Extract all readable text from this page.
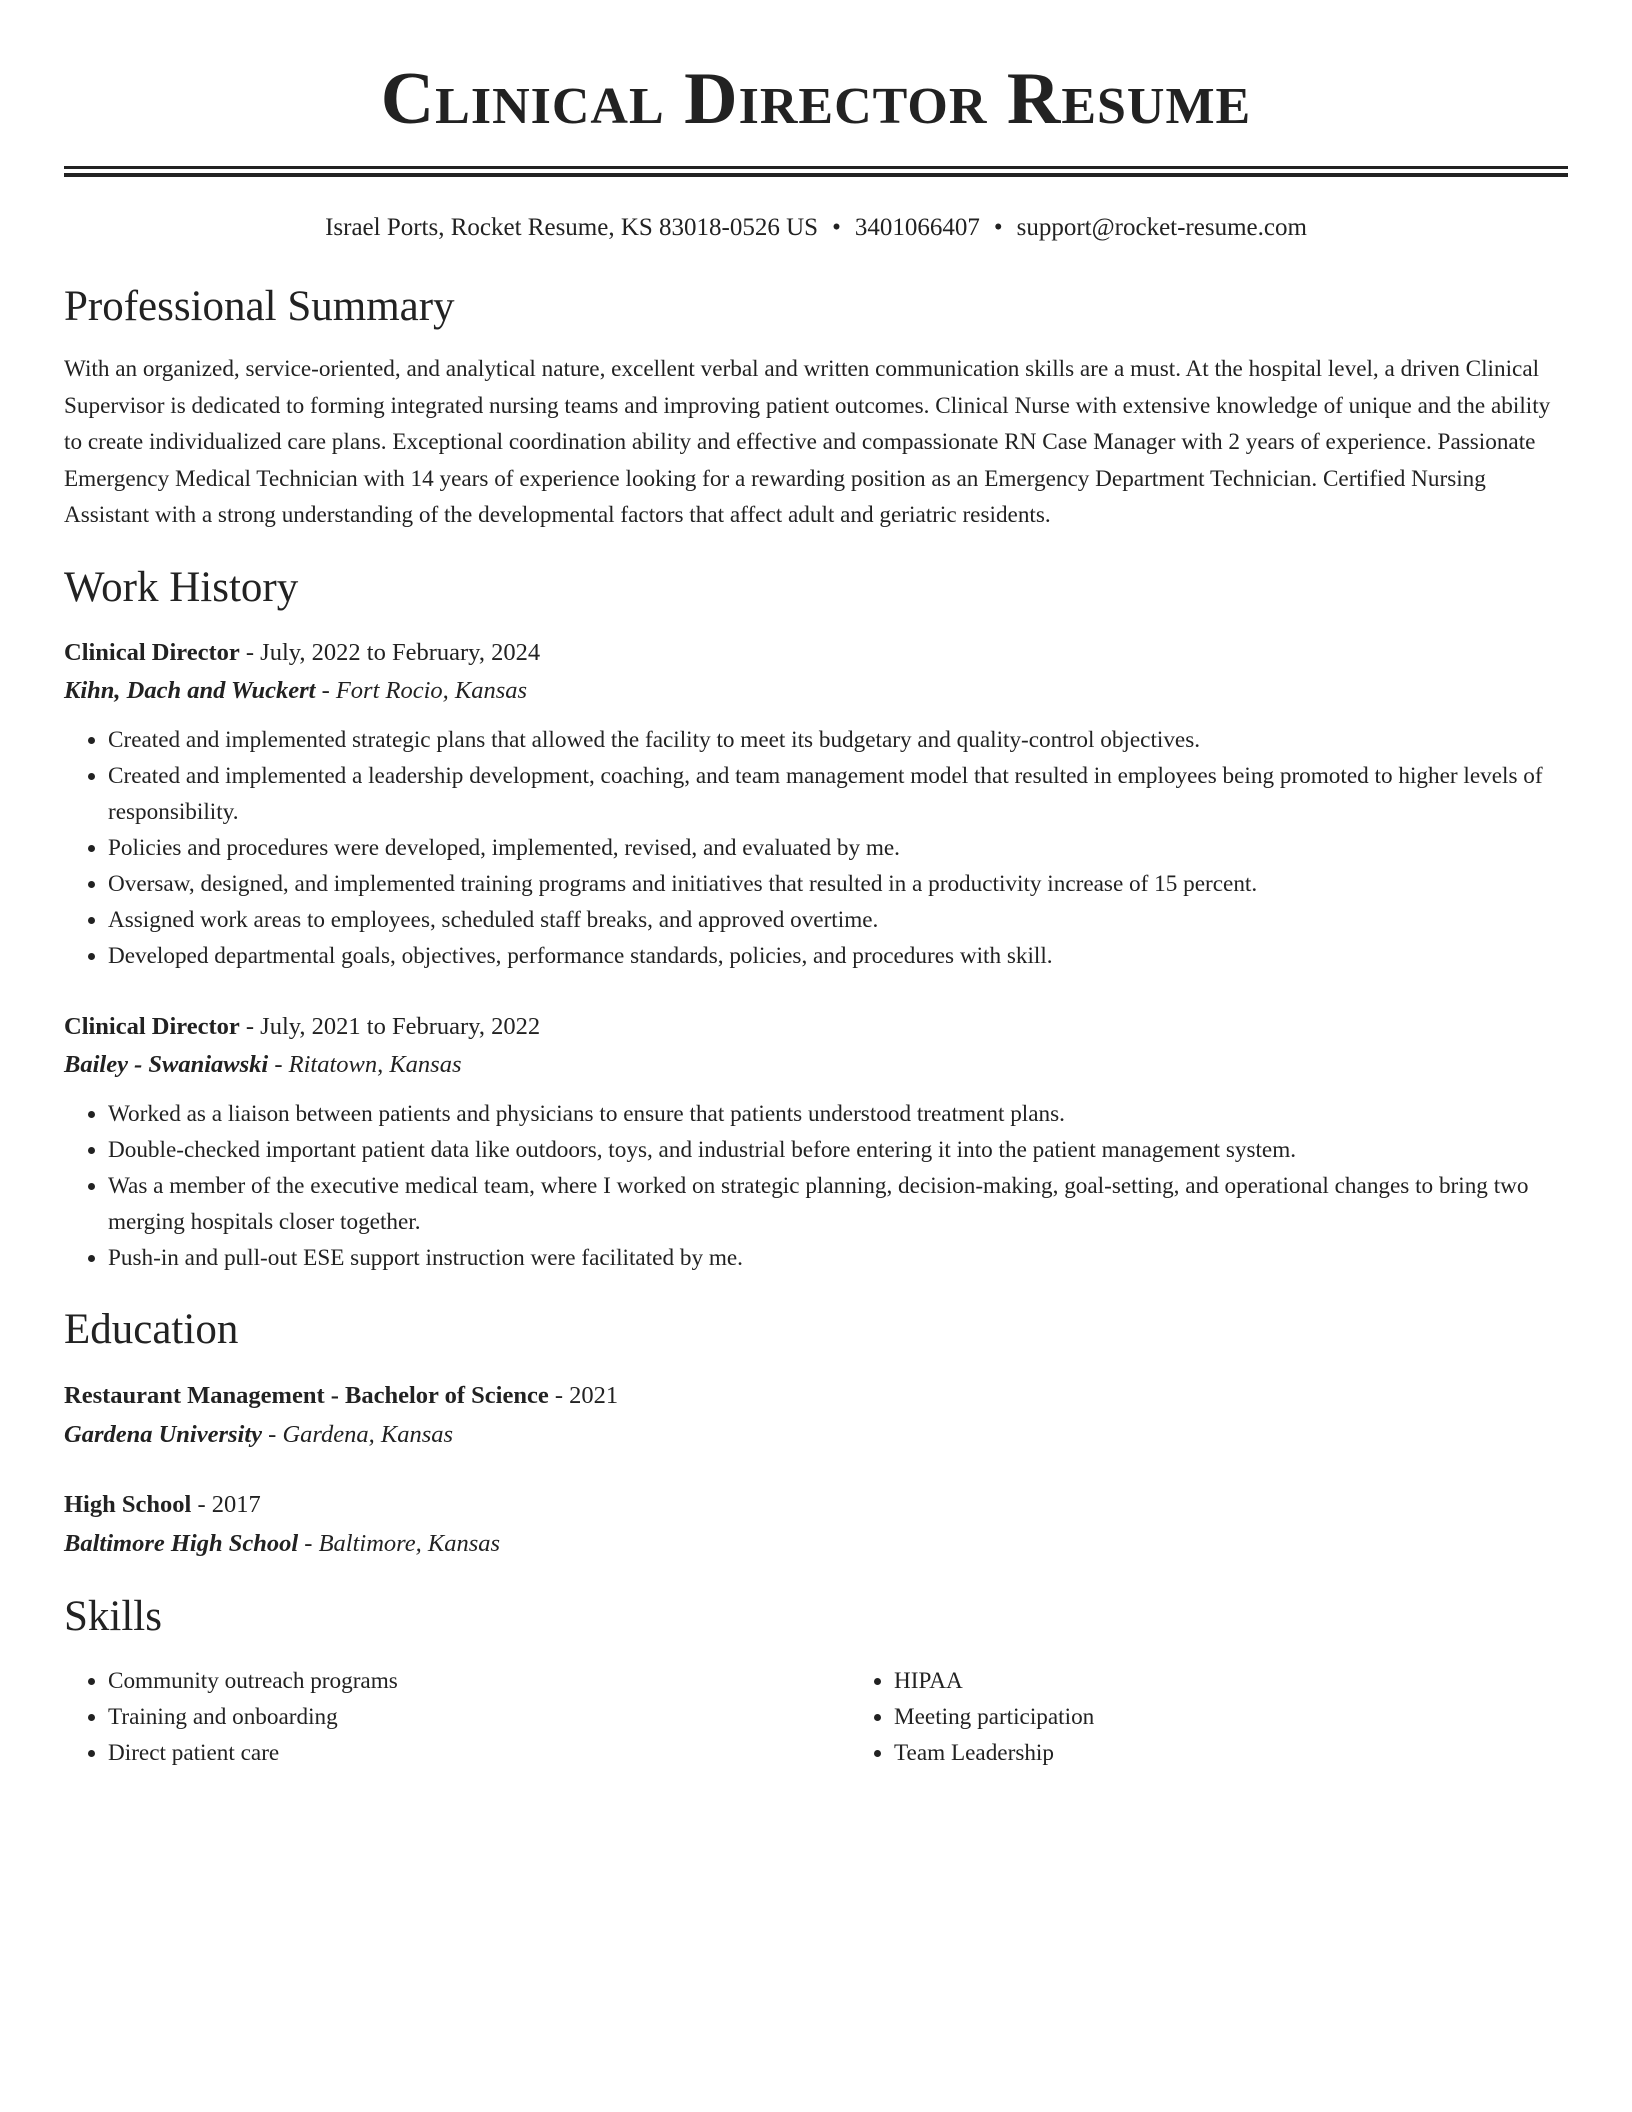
Clinical Director Resume
Israel Ports, Rocket Resume, KS 83018-0526 US • 3401066407 • support@rocket-resume.com
Professional Summary
With an organized, service-oriented, and analytical nature, excellent verbal and written communication skills are a must. At the hospital level, a driven Clinical Supervisor is dedicated to forming integrated nursing teams and improving patient outcomes. Clinical Nurse with extensive knowledge of unique and the ability to create individualized care plans. Exceptional coordination ability and effective and compassionate RN Case Manager with 2 years of experience. Passionate Emergency Medical Technician with 14 years of experience looking for a rewarding position as an Emergency Department Technician. Certified Nursing Assistant with a strong understanding of the developmental factors that affect adult and geriatric residents.
Work History
Clinical Director - July, 2022 to February, 2024
Kihn, Dach and Wuckert - Fort Rocio, Kansas
• Created and implemented strategic plans that allowed the facility to meet its budgetary and quality-control objectives.
• Created and implemented a leadership development, coaching, and team management model that resulted in employees being promoted to higher levels of responsibility.
• Policies and procedures were developed, implemented, revised, and evaluated by me.
• Oversaw, designed, and implemented training programs and initiatives that resulted in a productivity increase of 15 percent.
• Assigned work areas to employees, scheduled staff breaks, and approved overtime.
• Developed departmental goals, objectives, performance standards, policies, and procedures with skill.
Clinical Director - July, 2021 to February, 2022
Bailey - Swaniawski - Ritatown, Kansas
• Worked as a liaison between patients and physicians to ensure that patients understood treatment plans.
• Double-checked important patient data like outdoors, toys, and industrial before entering it into the patient management system.
• Was a member of the executive medical team, where I worked on strategic planning, decision-making, goal-setting, and operational changes to bring two merging hospitals closer together.
• Push-in and pull-out ESE support instruction were facilitated by me.
Education
Restaurant Management - Bachelor of Science - 2021
Gardena University - Gardena, Kansas
High School - 2017
Baltimore High School - Baltimore, Kansas
Skills
• Community outreach programs
• Training and onboarding
• Direct patient care
• HIPAA
• Meeting participation
• Team Leadership
